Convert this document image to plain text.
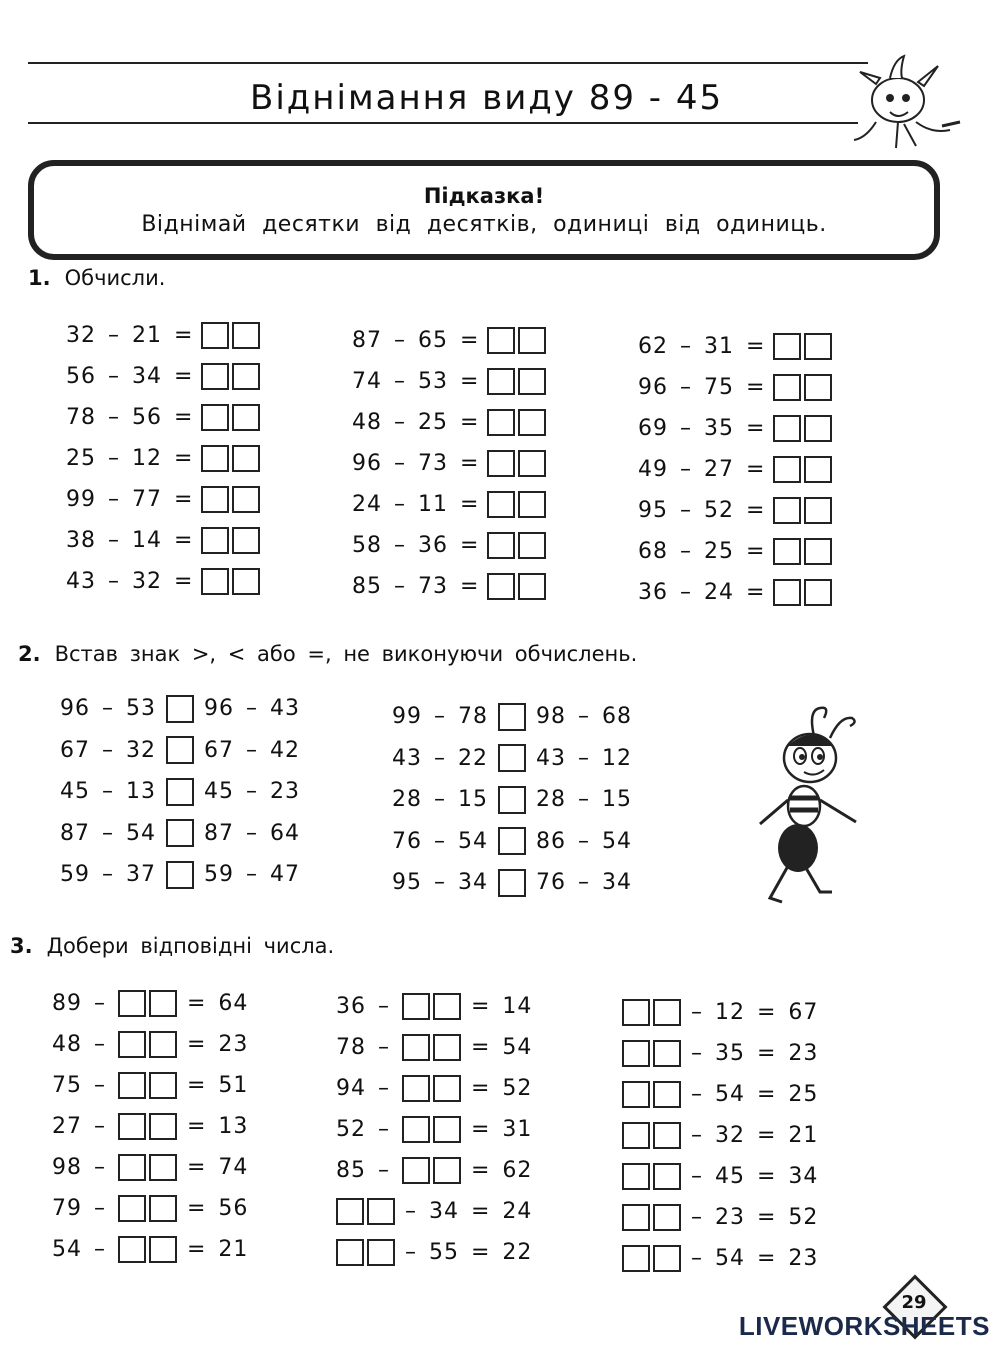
Віднімання виду 89 - 45
Підказка!
Віднімай десятки від десятків, одиниці від одиниць.
1. Обчисли.
32 – 21 =
56 – 34 =
78 – 56 =
25 – 12 =
99 – 77 =
38 – 14 =
43 – 32 =
87 – 65 =
74 – 53 =
48 – 25 =
96 – 73 =
24 – 11 =
58 – 36 =
85 – 73 =
62 – 31 =
96 – 75 =
69 – 35 =
49 – 27 =
95 – 52 =
68 – 25 =
36 – 24 =
2. Встав знак >, < або =, не виконуючи обчислень.
96 – 53 96 – 43
67 – 32 67 – 42
45 – 13 45 – 23
87 – 54 87 – 64
59 – 37 59 – 47
99 – 78 98 – 68
43 – 22 43 – 12
28 – 15 28 – 15
76 – 54 86 – 54
95 – 34 76 – 34
3. Добери відповідні числа.
89 –	= 64
48 –	= 23
75 –	= 51
27 –	= 13
98 –	= 74
79 –	= 56
54 –	= 21
36 –	= 14
78 –	= 54
94 –	= 52
52 –	= 31
85 –	= 62
– 34 = 24
– 55 = 22
– 12 = 67
– 35 = 23
– 54 = 25
– 32 = 21
– 45 = 34
– 23 = 52
– 54 = 23
29
LIVEWORKSHEETS
